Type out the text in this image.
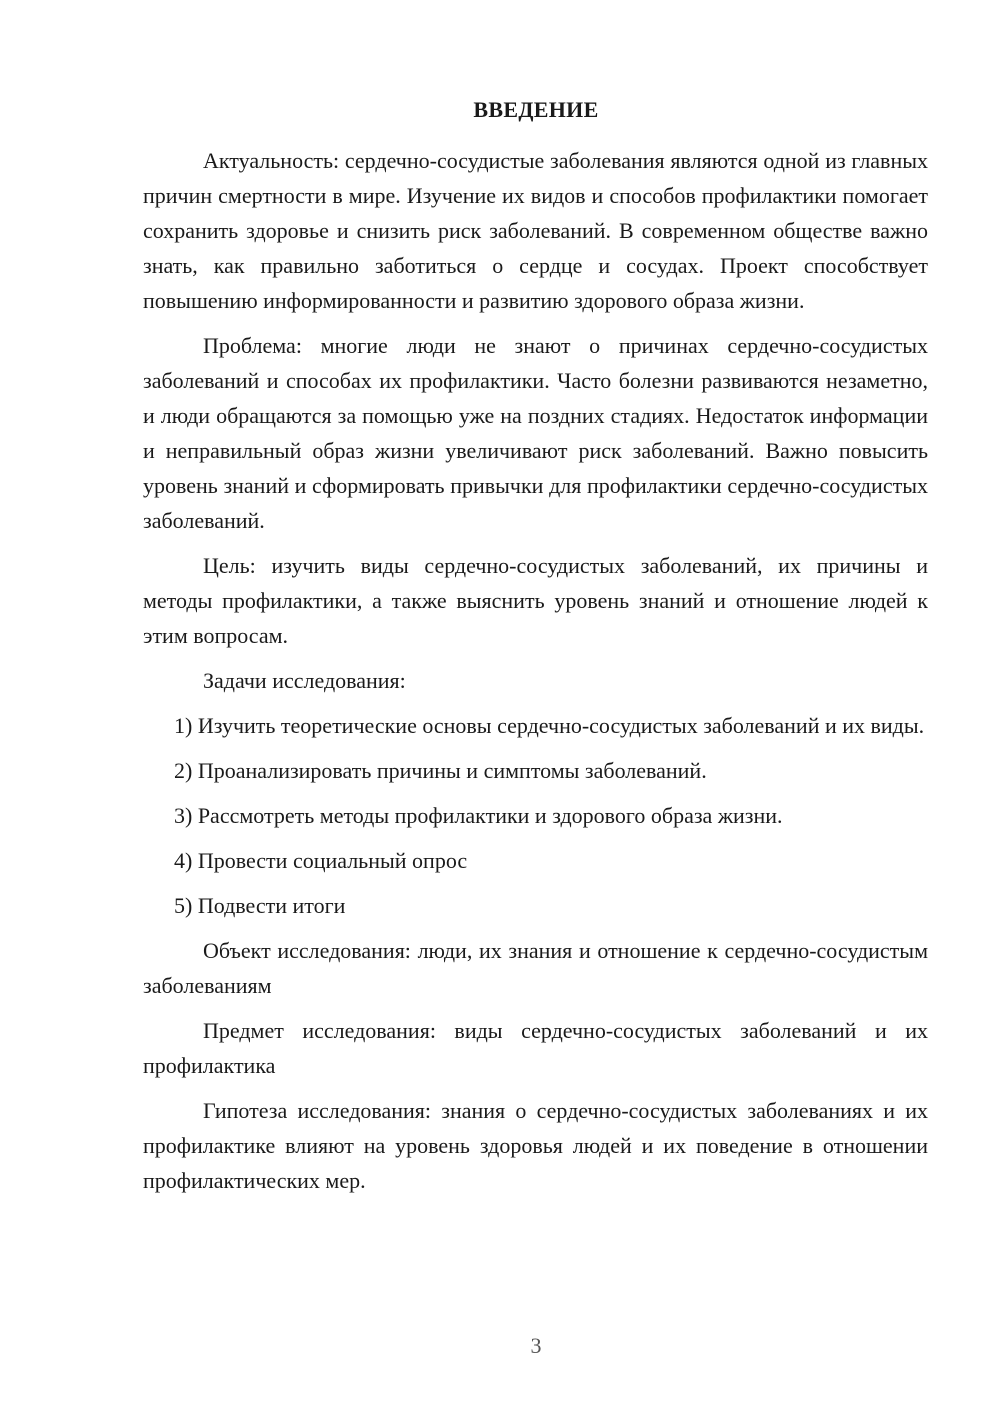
ВВЕДЕНИЕ

Актуальность: сердечно-сосудистые заболевания являются одной из главных причин смертности в мире. Изучение их видов и способов профилактики помогает сохранить здоровье и снизить риск заболеваний. В современном обществе важно знать, как правильно заботиться о сердце и сосудах. Проект способствует повышению информированности и развитию здорового образа жизни.

Проблема: многие люди не знают о причинах сердечно-сосудистых заболеваний и способах их профилактики. Часто болезни развиваются незаметно, и люди обращаются за помощью уже на поздних стадиях. Недостаток информации и неправильный образ жизни увеличивают риск заболеваний. Важно повысить уровень знаний и сформировать привычки для профилактики сердечно-сосудистых заболеваний.

Цель: изучить виды сердечно-сосудистых заболеваний, их причины и методы профилактики, а также выяснить уровень знаний и отношение людей к этим вопросам.

Задачи исследования:

1) Изучить теоретические основы сердечно-сосудистых заболеваний и их виды.

2) Проанализировать причины и симптомы заболеваний.

3) Рассмотреть методы профилактики и здорового образа жизни.

4) Провести социальный опрос

5) Подвести итоги

Объект исследования: люди, их знания и отношение к сердечно-сосудистым заболеваниям

Предмет исследования: виды сердечно-сосудистых заболеваний и их профилактика

Гипотеза исследования: знания о сердечно-сосудистых заболеваниях и их профилактике влияют на уровень здоровья людей и их поведение в отношении профилактических мер.

3
